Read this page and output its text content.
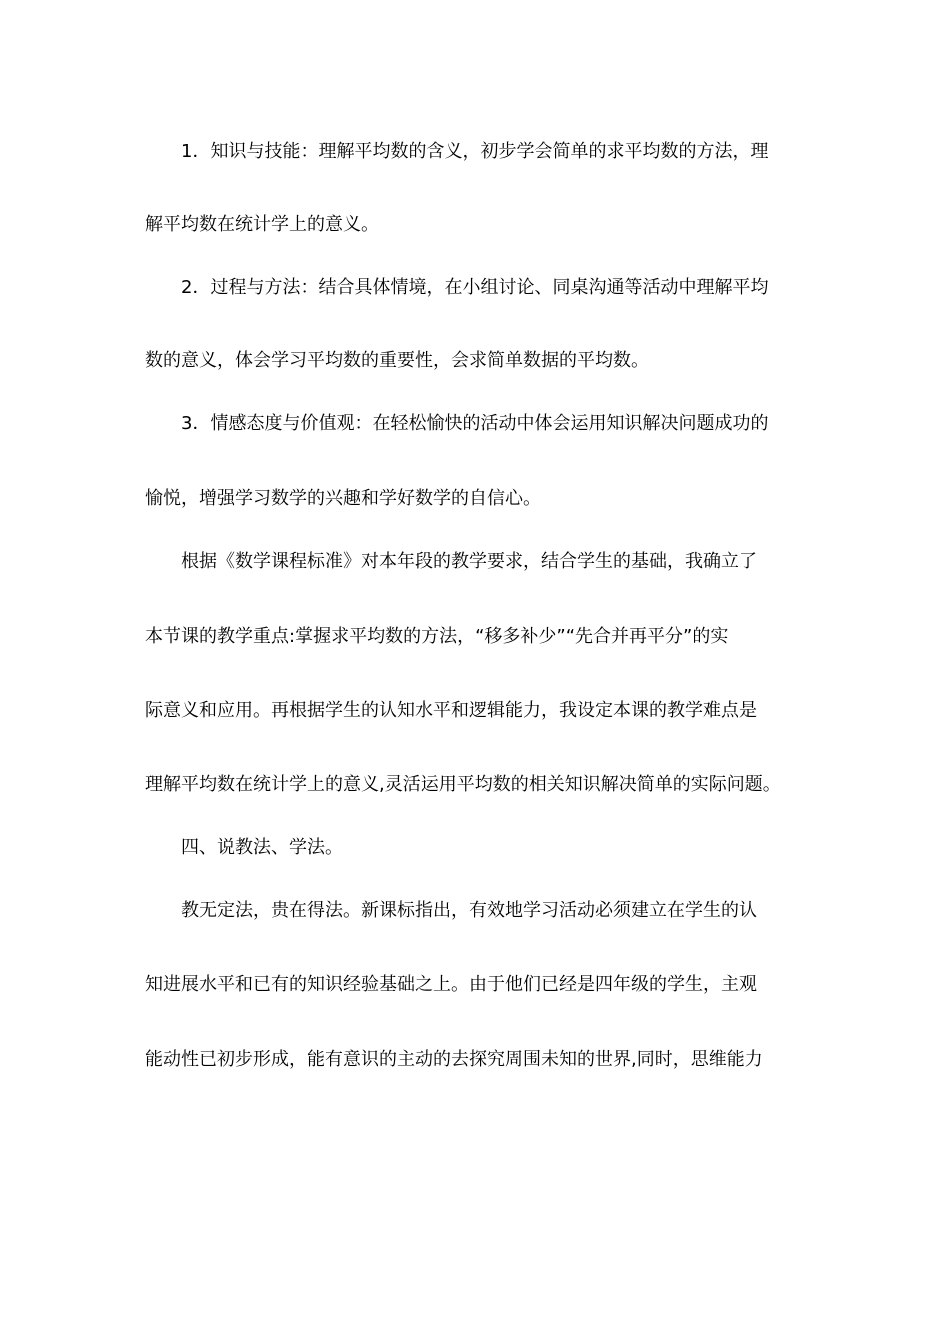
1．知识与技能：理解平均数的含义，初步学会简单的求平均数的方法，理
解平均数在统计学上的意义。
2．过程与方法：结合具体情境，在小组讨论、同桌沟通等活动中理解平均
数的意义，体会学习平均数的重要性，会求简单数据的平均数。
3．情感态度与价值观：在轻松愉快的活动中体会运用知识解决问题成功的
愉悦，增强学习数学的兴趣和学好数学的自信心。
根据《数学课程标准》对本年段的教学要求，结合学生的基础，我确立了
本节课的教学重点:掌握求平均数的方法，“移多补少”“先合并再平分”的实
际意义和应用。再根据学生的认知水平和逻辑能力，我设定本课的教学难点是
理解平均数在统计学上的意义,灵活运用平均数的相关知识解决简单的实际问题。
四、说教法、学法。
教无定法，贵在得法。新课标指出，有效地学习活动必须建立在学生的认
知进展水平和已有的知识经验基础之上。由于他们已经是四年级的学生，主观
能动性已初步形成，能有意识的主动的去探究周围未知的世界,同时，思维能力
